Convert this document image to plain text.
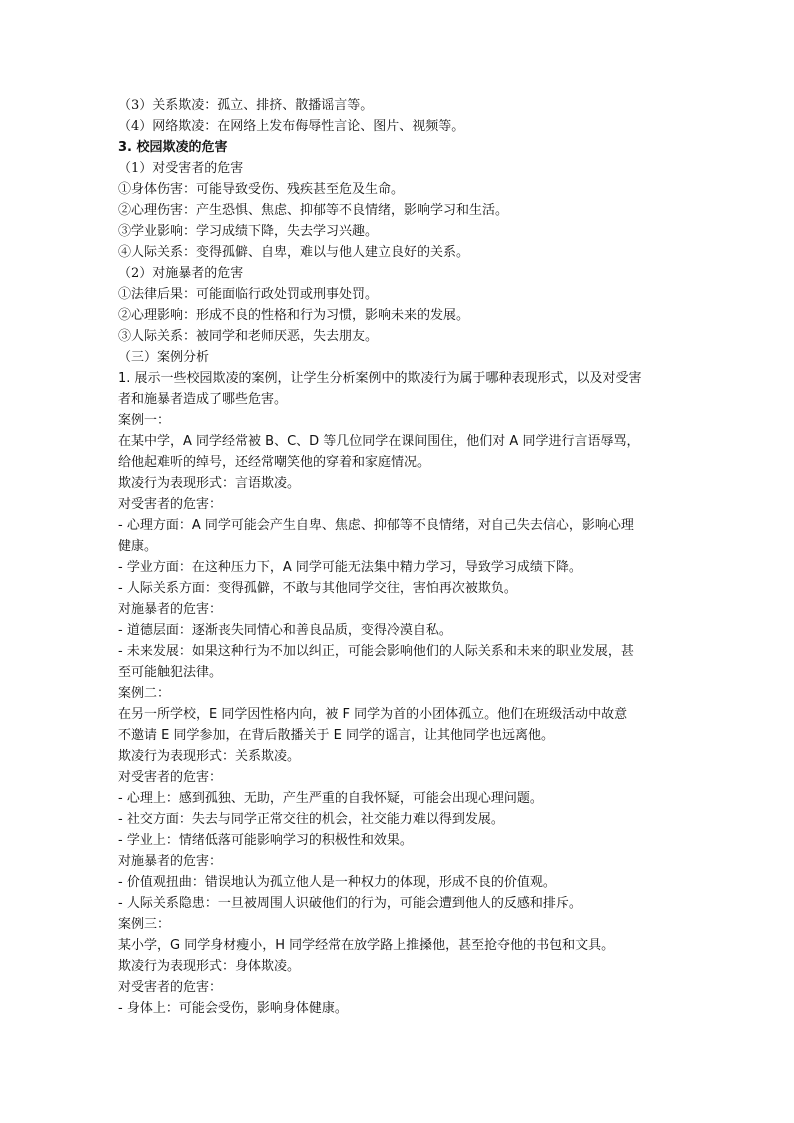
（3）关系欺凌：孤立、排挤、散播谣言等。

（4）网络欺凌：在网络上发布侮辱性言论、图片、视频等。

3. 校园欺凌的危害

（1）对受害者的危害

①身体伤害：可能导致受伤、残疾甚至危及生命。

②心理伤害：产生恐惧、焦虑、抑郁等不良情绪，影响学习和生活。

③学业影响：学习成绩下降，失去学习兴趣。

④人际关系：变得孤僻、自卑，难以与他人建立良好的关系。

（2）对施暴者的危害

①法律后果：可能面临行政处罚或刑事处罚。

②心理影响：形成不良的性格和行为习惯，影响未来的发展。

③人际关系：被同学和老师厌恶，失去朋友。

（三）案例分析

1. 展示一些校园欺凌的案例，让学生分析案例中的欺凌行为属于哪种表现形式，以及对受害

者和施暴者造成了哪些危害。

案例一：

在某中学，A 同学经常被 B、C、D 等几位同学在课间围住，他们对 A 同学进行言语辱骂，

给他起难听的绰号，还经常嘲笑他的穿着和家庭情况。

欺凌行为表现形式：言语欺凌。

对受害者的危害：

- 心理方面：A 同学可能会产生自卑、焦虑、抑郁等不良情绪，对自己失去信心，影响心理

健康。

- 学业方面：在这种压力下，A 同学可能无法集中精力学习，导致学习成绩下降。

- 人际关系方面：变得孤僻，不敢与其他同学交往，害怕再次被欺负。

对施暴者的危害：

- 道德层面：逐渐丧失同情心和善良品质，变得冷漠自私。

- 未来发展：如果这种行为不加以纠正，可能会影响他们的人际关系和未来的职业发展，甚

至可能触犯法律。

案例二：

在另一所学校，E 同学因性格内向，被 F 同学为首的小团体孤立。他们在班级活动中故意

不邀请 E 同学参加，在背后散播关于 E 同学的谣言，让其他同学也远离他。

欺凌行为表现形式：关系欺凌。

对受害者的危害：

- 心理上：感到孤独、无助，产生严重的自我怀疑，可能会出现心理问题。

- 社交方面：失去与同学正常交往的机会，社交能力难以得到发展。

- 学业上：情绪低落可能影响学习的积极性和效果。

对施暴者的危害：

- 价值观扭曲：错误地认为孤立他人是一种权力的体现，形成不良的价值观。

- 人际关系隐患：一旦被周围人识破他们的行为，可能会遭到他人的反感和排斥。

案例三：

某小学，G 同学身材瘦小，H 同学经常在放学路上推搡他，甚至抢夺他的书包和文具。

欺凌行为表现形式：身体欺凌。

对受害者的危害：

- 身体上：可能会受伤，影响身体健康。
